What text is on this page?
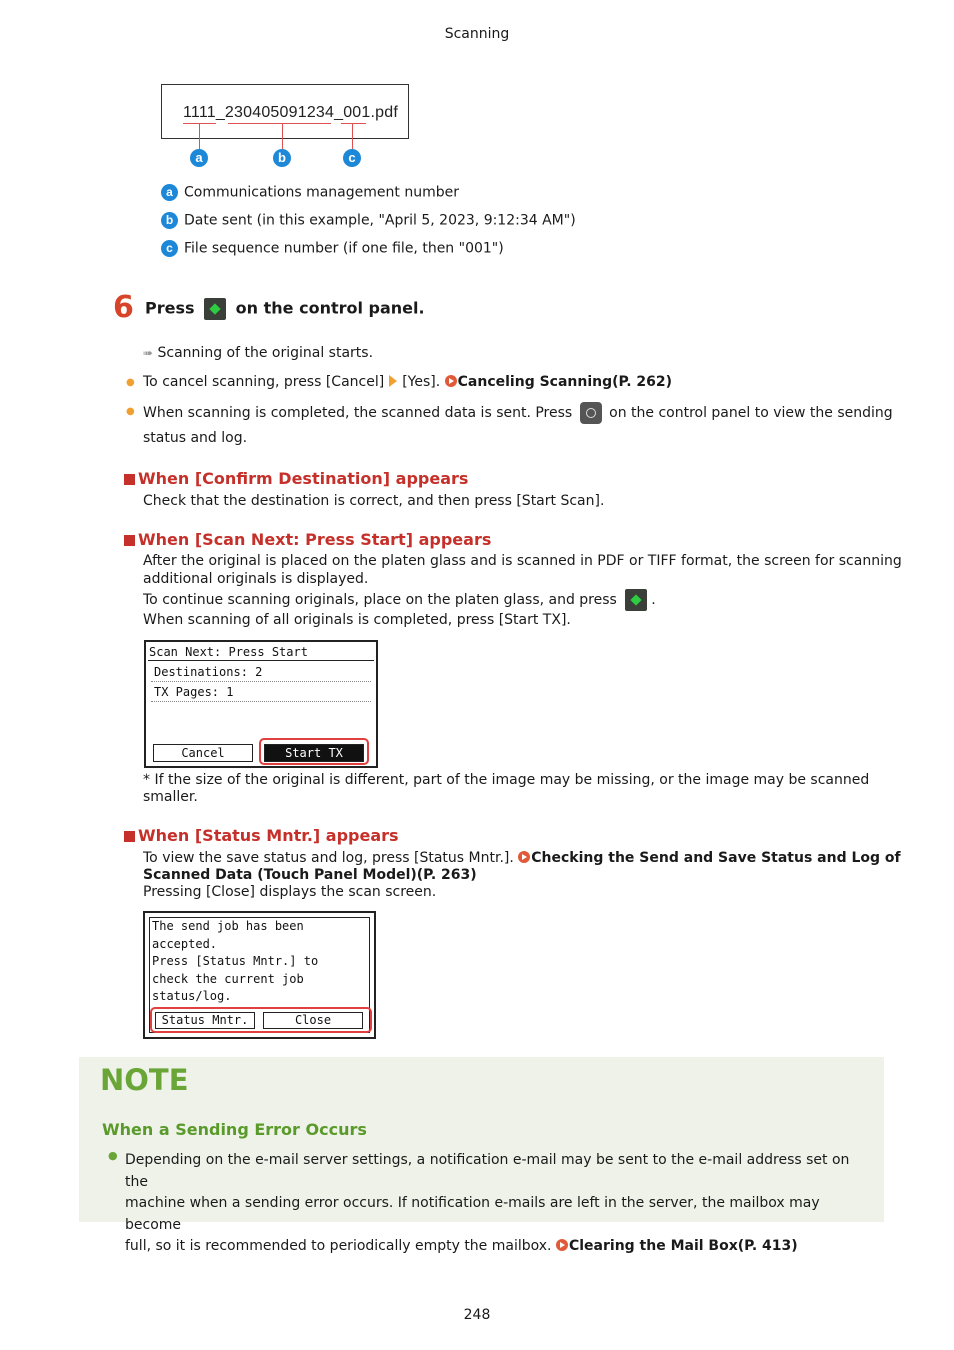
Scanning
1111_230405091234_001.pdf
a	b	c
a Communications management number
b Date sent (in this example, "April 5, 2023, 9:12:34 AM")
c File sequence number (if one file, then "001")
6 Press	on the control panel.
➠ Scanning of the original starts.
● To cancel scanning, press [Cancel] [Yes]. Canceling Scanning(P. 262)
● When scanning is completed, the scanned data is sent. Press	on the control panel to view the sending
status and log.
When [Confirm Destination] appears
Check that the destination is correct, and then press [Start Scan].
When [Scan Next: Press Start] appears
After the original is placed on the platen glass and is scanned in PDF or TIFF format, the screen for scanning
additional originals is displayed.
To continue scanning originals, place on the platen glass, and press .
When scanning of all originals is completed, press [Start TX].
Scan Next: Press Start
Destinations: 2
TX Pages: 1
Cancel	Start TX
* If the size of the original is different, part of the image may be missing, or the image may be scanned
smaller.
When [Status Mntr.] appears
To view the save status and log, press [Status Mntr.]. Checking the Send and Save Status and Log of
Scanned Data (Touch Panel Model)(P. 263)
Pressing [Close] displays the scan screen.
The send job has been
accepted.
Press [Status Mntr.] to
check the current job
status/log.
Status Mntr.	Close
NOTE
When a Sending Error Occurs
● Depending on the e-mail server settings, a notification e-mail may be sent to the e-mail address set on the
machine when a sending error occurs. If notification e-mails are left in the server, the mailbox may become
full, so it is recommended to periodically empty the mailbox. Clearing the Mail Box(P. 413)
248
